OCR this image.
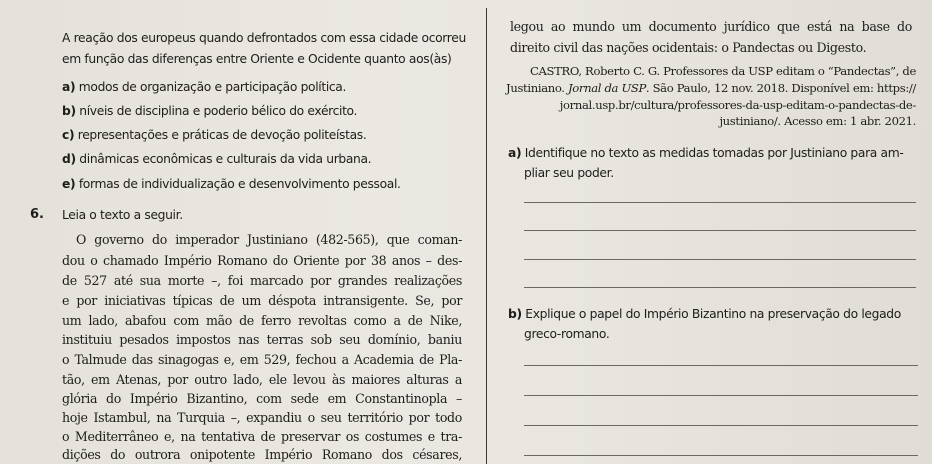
A reação dos europeus quando defrontados com essa cidade ocorreu
em função das diferenças entre Oriente e Ocidente quanto aos(às)
a) modos de organização e participação política.
b) níveis de disciplina e poderio bélico do exército.
c) representações e práticas de devoção politeístas.
d) dinâmicas econômicas e culturais da vida urbana.
e) formas de individualização e desenvolvimento pessoal.
6. Leia o texto a seguir.
O governo do imperador Justiniano (482-565), que coman-
dou o chamado Império Romano do Oriente por 38 anos – des-
de 527 até sua morte –, foi marcado por grandes realizações
e por iniciativas típicas de um déspota intransigente. Se, por
um lado, abafou com mão de ferro revoltas como a de Nike,
instituiu pesados impostos nas terras sob seu domínio, baniu
o Talmude das sinagogas e, em 529, fechou a Academia de Pla-
tão, em Atenas, por outro lado, ele levou às maiores alturas a
glória do Império Bizantino, com sede em Constantinopla –
hoje Istambul, na Turquia –, expandiu o seu território por todo
o Mediterrâneo e, na tentativa de preservar os costumes e tra-
dições do outrora onipotente Império Romano dos césares,
legou ao mundo um documento jurídico que está na base do
direito civil das nações ocidentais: o Pandectas ou Digesto.
CASTRO, Roberto C. G. Professores da USP editam o “Pandectas”, de
Justiniano. Jornal da USP. São Paulo, 12 nov. 2018. Disponível em: https://
jornal.usp.br/cultura/professores-da-usp-editam-o-pandectas-de-
justiniano/. Acesso em: 1 abr. 2021.
a) Identifique no texto as medidas tomadas por Justiniano para am-
pliar seu poder.
b) Explique o papel do Império Bizantino na preservação do legado
greco-romano.
